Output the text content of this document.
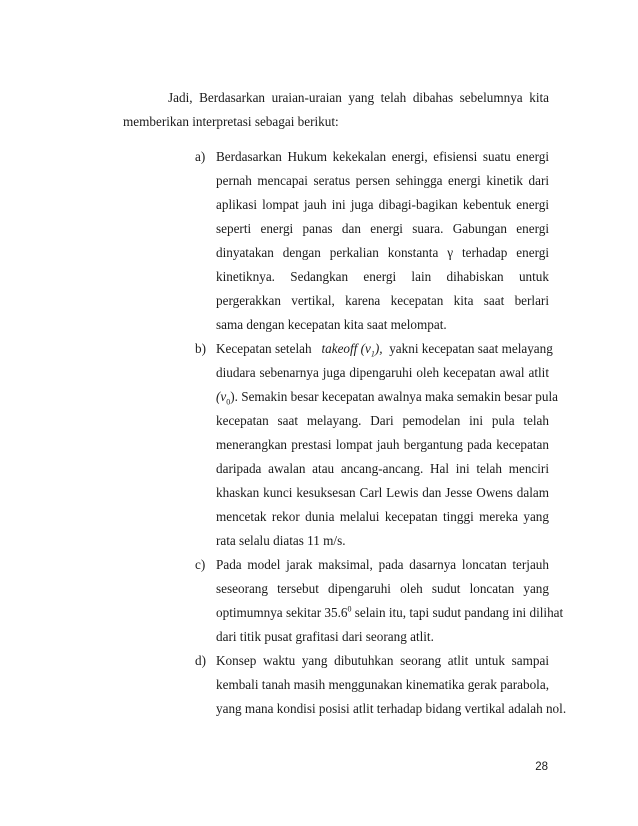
Jadi, Berdasarkan uraian-uraian yang telah dibahas sebelumnya kita
memberikan interpretasi sebagai berikut:
a) Berdasarkan Hukum kekekalan energi, efisiensi suatu energi
pernah mencapai seratus persen sehingga energi kinetik dari
aplikasi lompat jauh ini juga dibagi-bagikan kebentuk energi
seperti energi panas dan energi suara. Gabungan energi
dinyatakan dengan perkalian konstanta γ terhadap energi
kinetiknya. Sedangkan energi lain dihabiskan untuk
pergerakkan vertikal, karena kecepatan kita saat berlari
sama dengan kecepatan kita saat melompat.
b) Kecepatan setelah takeoff $(v_1)$, yakni kecepatan saat melayang
diudara sebenarnya juga dipengaruhi oleh kecepatan awal atlit
$(v_0)$. Semakin besar kecepatan awalnya maka semakin besar pula
kecepatan saat melayang. Dari pemodelan ini pula telah
menerangkan prestasi lompat jauh bergantung pada kecepatan
daripada awalan atau ancang-ancang. Hal ini telah menciri
khaskan kunci kesuksesan Carl Lewis dan Jesse Owens dalam
mencetak rekor dunia melalui kecepatan tinggi mereka yang
rata selalu diatas 11 m/s.
c) Pada model jarak maksimal, pada dasarnya loncatan terjauh
seseorang tersebut dipengaruhi oleh sudut loncatan yang
optimumnya sekitar 35.6$^0$ selain itu, tapi sudut pandang ini dilihat
dari titik pusat grafitasi dari seorang atlit.
d) Konsep waktu yang dibutuhkan seorang atlit untuk sampai
kembali tanah masih menggunakan kinematika gerak parabola,
yang mana kondisi posisi atlit terhadap bidang vertikal adalah nol.
28
